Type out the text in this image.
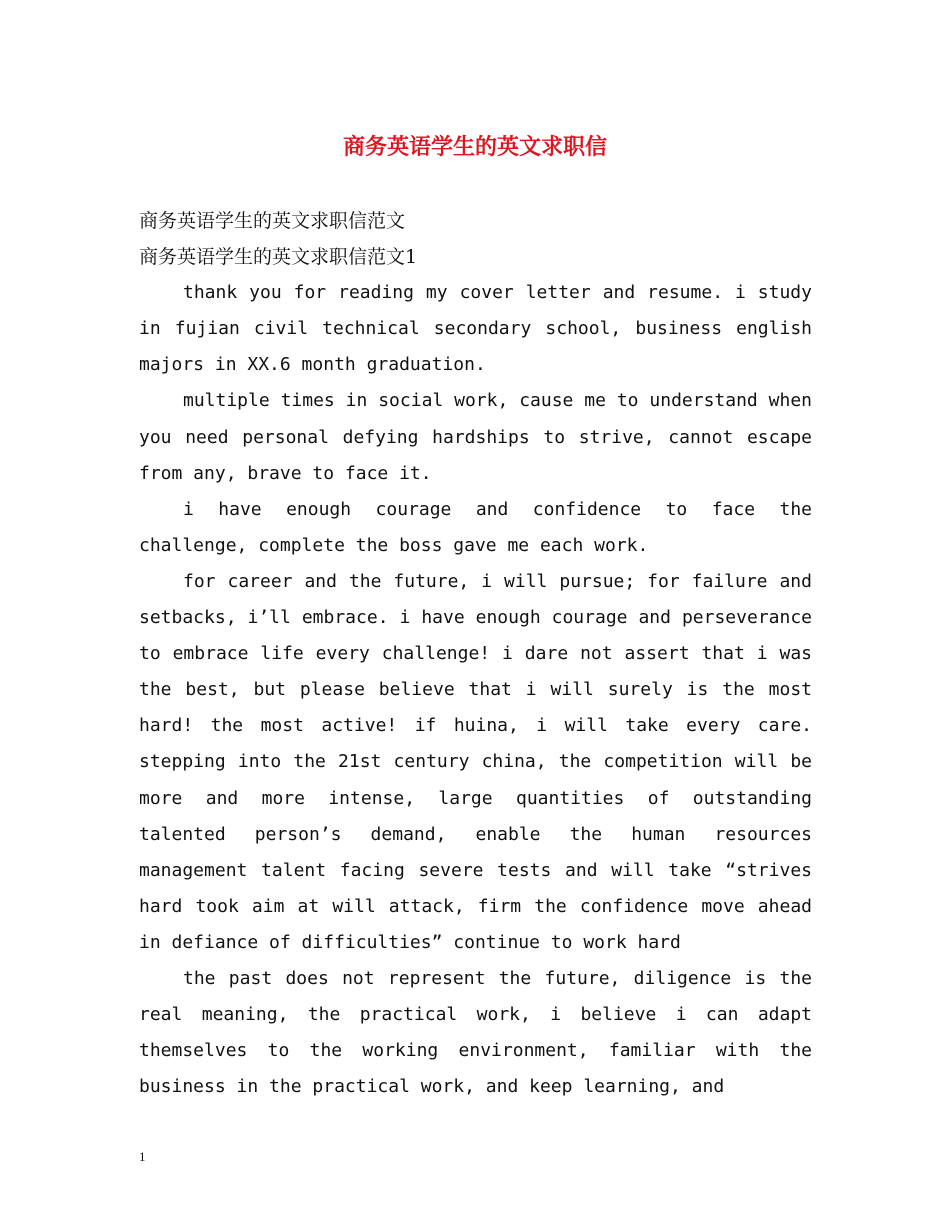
商务英语学生的英文求职信

商务英语学生的英文求职信范文

商务英语学生的英文求职信范文1

thank you for reading my cover letter and resume. i study in fujian civil technical secondary school, business english majors in XX.6 month graduation.

multiple times in social work, cause me to understand when you need personal defying hardships to strive, cannot escape from any, brave to face it.

i have enough courage and confidence to face the challenge, complete the boss gave me each work.

for career and the future, i will pursue; for failure and setbacks, i’ll embrace. i have enough courage and perseverance to embrace life every challenge! i dare not assert that i was the best, but please believe that i will surely is the most hard! the most active! if huina, i will take every care. stepping into the 21st century china, the competition will be more and more intense, large quantities of outstanding talented person’s demand, enable the human resources management talent facing severe tests and will take “strives hard took aim at will attack, firm the confidence move ahead in defiance of difficulties” continue to work hard

the past does not represent the future, diligence is the real meaning, the practical work, i believe i can adapt themselves to the working environment, familiar with the business in the practical work, and keep learning, and

1
